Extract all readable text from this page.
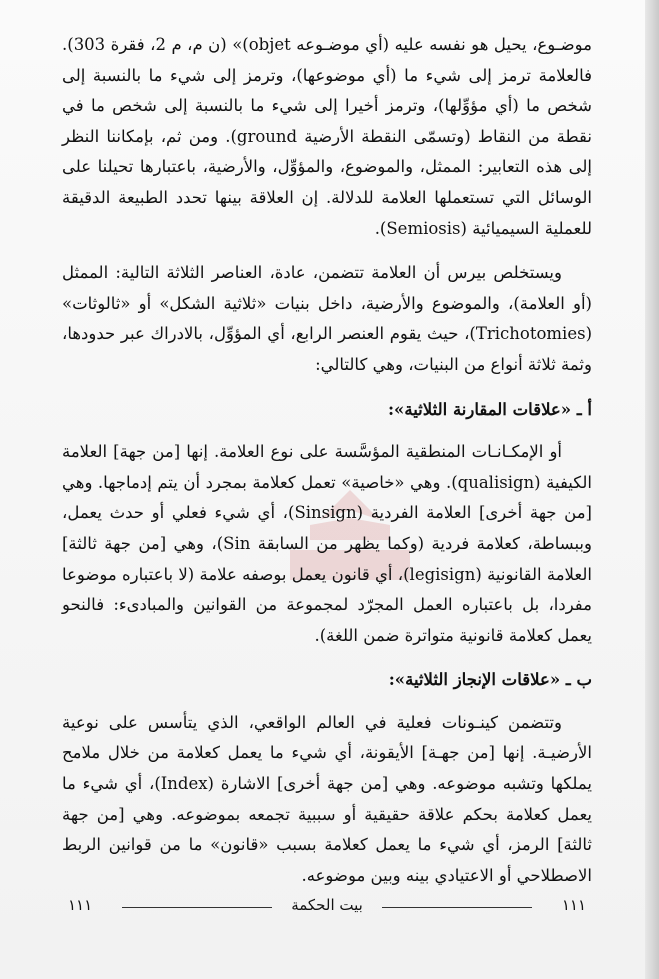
موضـوع، يحيل هو نفسه عليه (أي موضـوعه objet)» (ن م، م 2، فقرة 303). فالعلامة ترمز إلى شيء ما (أي موضوعها)، وترمز إلى شيء ما بالنسبة إلى شخص ما (أي مؤوِّلها)، وترمز أخيرا إلى شيء ما بالنسبة إلى شخص ما في نقطة من النقاط (وتسمّى النقطة الأرضية ground). ومن ثم، بإمكاننا النظر إلى هذه التعابير: الممثل، والموضوع، والمؤوِّل، والأرضية، باعتبارها تحيلنا على الوسائل التي تستعملها العلامة للدلالة. إن العلاقة بينها تحدد الطبيعة الدقيقة للعملية السيميائية (Semiosis).

ويستخلص بيرس أن العلامة تتضمن، عادة، العناصر الثلاثة التالية: الممثل (أو العلامة)، والموضوع والأرضية، داخل بنيات «ثلاثية الشكل» أو «ثالوثات» (Trichotomies)، حيث يقوم العنصر الرابع، أي المؤوِّل، بالادراك عبر حدودها، وثمة ثلاثة أنواع من البنيات، وهي كالتالي:

أ ـ «علاقات المقارنة الثلاثية»:

أو الإمكـانـات المنطقية المؤسَّسة على نوع العلامة. إنها [من جهة] العلامة الكيفية (qualisign). وهي «خاصية» تعمل كعلامة بمجرد أن يتم إدماجها. وهي [من جهة أخرى] العلامة الفردية (Sinsign)، أي شيء فعلي أو حدث يعمل، وببساطة، كعلامة فردية (وكما يظهر من السابقة Sin)، وهي [من جهة ثالثة] العلامة القانونية (legisign)، أي قانون يعمل بوصفه علامة (لا باعتباره موضوعا مفردا، بل باعتباره العمل المجرّد لمجموعة من القوانين والمبادىء: فالنحو يعمل كعلامة قانونية متواترة ضمن اللغة).

ب ـ «علاقات الإنجاز الثلاثية»:

وتتضمن كينـونات فعلية في العالم الواقعي، الذي يتأسس على نوعية الأرضيـة. إنها [من جهـة] الأيقونة، أي شيء ما يعمل كعلامة من خلال ملامح يملكها وتشبه موضوعه. وهي [من جهة أخرى] الاشارة (Index)، أي شيء ما يعمل كعلامة بحكم علاقة حقيقية أو سببية تجمعه بموضوعه. وهي [من جهة ثالثة] الرمز، أي شيء ما يعمل كعلامة بسبب «قانون» ما من قوانين الربط الاصطلاحي أو الاعتيادي بينه وبين موضوعه.

١١١	بيت الحكمة	١١١
